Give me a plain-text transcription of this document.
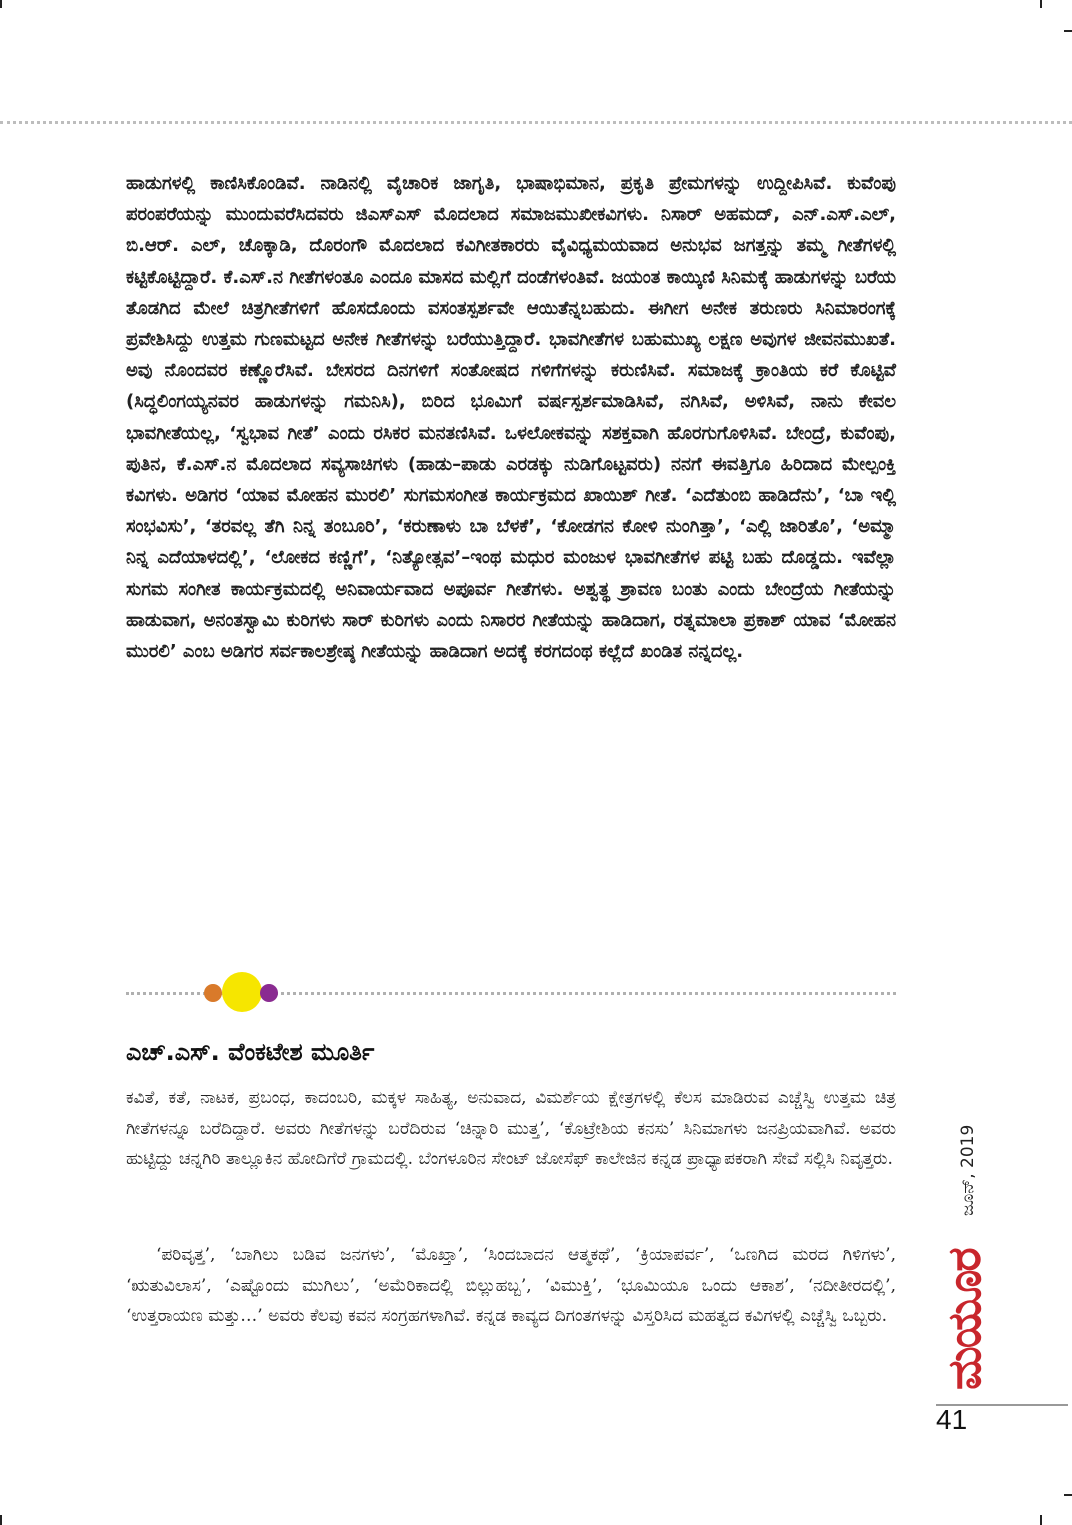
ಹಾಡುಗಳಲ್ಲಿ ಕಾಣಿಸಿಕೊಂಡಿವೆ. ನಾಡಿನಲ್ಲಿ ವೈಚಾರಿಕ ಜಾಗೃತಿ, ಭಾಷಾಭಿಮಾನ, ಪ್ರಕೃತಿ ಪ್ರೇಮಗಳನ್ನು ಉದ್ದೀಪಿಸಿವೆ. ಕುವೆಂಪು ಪರಂಪರೆಯನ್ನು ಮುಂದುವರೆಸಿದವರು ಜಿಎಸ್ಎಸ್ ಮೊದಲಾದ ಸಮಾಜಮುಖೀಕವಿಗಳು. ನಿಸಾರ್ ಅಹಮದ್, ಎನ್.ಎಸ್.ಎಲ್, ಬಿ.ಆರ್. ಎಲ್, ಚೊಕ್ಕಾಡಿ, ದೊರಂಗೌ ಮೊದಲಾದ ಕವಿಗೀತಕಾರರು ವೈವಿಧ್ಯಮಯವಾದ ಅನುಭವ ಜಗತ್ತನ್ನು ತಮ್ಮ ಗೀತೆಗಳಲ್ಲಿ ಕಟ್ಟಿಕೊಟ್ಟಿದ್ದಾರೆ. ಕೆ.ಎಸ್.ನ ಗೀತೆಗಳಂತೂ ಎಂದೂ ಮಾಸದ ಮಲ್ಲಿಗೆ ದಂಡೆಗಳಂತಿವೆ. ಜಯಂತ ಕಾಯ್ಕಿಣಿ ಸಿನಿಮಕ್ಕೆ ಹಾಡುಗಳನ್ನು ಬರೆಯ ತೊಡಗಿದ ಮೇಲೆ ಚಿತ್ರಗೀತೆಗಳಿಗೆ ಹೊಸದೊಂದು ವಸಂತಸ್ಪರ್ಶವೇ ಆಯಿತೆನ್ನಬಹುದು. ಈಗೀಗ ಅನೇಕ ತರುಣರು ಸಿನಿಮಾರಂಗಕ್ಕೆ ಪ್ರವೇಶಿಸಿದ್ದು ಉತ್ತಮ ಗುಣಮಟ್ಟದ ಅನೇಕ ಗೀತೆಗಳನ್ನು ಬರೆಯುತ್ತಿದ್ದಾರೆ. ಭಾವಗೀತೆಗಳ ಬಹುಮುಖ್ಯ ಲಕ್ಷಣ ಅವುಗಳ ಜೀವನಮುಖತೆ. ಅವು ನೊಂದವರ ಕಣ್ಣೊರೆಸಿವೆ. ಬೇಸರದ ದಿನಗಳಿಗೆ ಸಂತೋಷದ ಗಳಿಗೆಗಳನ್ನು ಕರುಣಿಸಿವೆ. ಸಮಾಜಕ್ಕೆ ಕ್ರಾಂತಿಯ ಕರೆ ಕೊಟ್ಟಿವೆ (ಸಿದ್ಧಲಿಂಗಯ್ಯನವರ ಹಾಡುಗಳನ್ನು ಗಮನಿಸಿ), ಬಿರಿದ ಭೂಮಿಗೆ ವರ್ಷಸ್ಪರ್ಶಮಾಡಿಸಿವೆ, ನಗಿಸಿವೆ, ಅಳಿಸಿವೆ, ನಾನು ಕೇವಲ ಭಾವಗೀತೆಯಲ್ಲ, ‘ಸ್ವಭಾವ ಗೀತೆ’ ಎಂದು ರಸಿಕರ ಮನತಣಿಸಿವೆ. ಒಳಲೋಕವನ್ನು ಸಶಕ್ತವಾಗಿ ಹೊರಗುಗೊಳಿಸಿವೆ. ಬೇಂದ್ರೆ, ಕುವೆಂಪು, ಪುತಿನ, ಕೆ.ಎಸ್.ನ ಮೊದಲಾದ ಸವ್ಯಸಾಚಿಗಳು (ಹಾಡು–ಪಾಡು ಎರಡಕ್ಕು ನುಡಿಗೊಟ್ಟವರು) ನನಗೆ ಈವತ್ತಿಗೂ ಹಿರಿದಾದ ಮೇಲ್ಪಂಕ್ತಿ ಕವಿಗಳು. ಅಡಿಗರ ‘ಯಾವ ಮೋಹನ ಮುರಲಿ’ ಸುಗಮಸಂಗೀತ ಕಾರ್ಯಕ್ರಮದ ಖಾಯಿಶ್ ಗೀತೆ. ‘ಎದೆತುಂಬಿ ಹಾಡಿದೆನು’, ‘ಬಾ ಇಲ್ಲಿ ಸಂಭವಿಸು’, ‘ತರವಲ್ಲ ತೆಗಿ ನಿನ್ನ ತಂಬೂರಿ’, ‘ಕರುಣಾಳು ಬಾ ಬೆಳಕೆ’, ‘ಕೋಡಗನ ಕೋಳಿ ನುಂಗಿತ್ತಾ’, ‘ಎಲ್ಲಿ ಜಾರಿತೊ’, ‘ಅಮ್ಮಾ ನಿನ್ನ ಎದೆಯಾಳದಲ್ಲಿ’, ‘ಲೋಕದ ಕಣ್ಣಿಗೆ’, ‘ನಿತ್ಯೋತ್ಸವ’–ಇಂಥ ಮಧುರ ಮಂಜುಳ ಭಾವಗೀತೆಗಳ ಪಟ್ಟಿ ಬಹು ದೊಡ್ಡದು. ಇವೆಲ್ಲಾ ಸುಗಮ ಸಂಗೀತ ಕಾರ್ಯಕ್ರಮದಲ್ಲಿ ಅನಿವಾರ್ಯವಾದ ಅಪೂರ್ವ ಗೀತೆಗಳು. ಅಶ್ವತ್ಥ ಶ್ರಾವಣ ಬಂತು ಎಂದು ಬೇಂದ್ರೆಯ ಗೀತೆಯನ್ನು ಹಾಡುವಾಗ, ಅನಂತಸ್ವಾಮಿ ಕುರಿಗಳು ಸಾರ್ ಕುರಿಗಳು ಎಂದು ನಿಸಾರರ ಗೀತೆಯನ್ನು ಹಾಡಿದಾಗ, ರತ್ನಮಾಲಾ ಪ್ರಕಾಶ್ ಯಾವ ‘ಮೋಹನ ಮುರಲಿ’ ಎಂಬ ಅಡಿಗರ ಸರ್ವಕಾಲಶ್ರೇಷ್ಠ ಗೀತೆಯನ್ನು ಹಾಡಿದಾಗ ಅದಕ್ಕೆ ಕರಗದಂಥ ಕಲ್ಲೆದೆ ಖಂಡಿತ ನನ್ನದಲ್ಲ.

ಎಚ್.ಎಸ್. ವೆಂಕಟೇಶ ಮೂರ್ತಿ

ಕವಿತೆ, ಕತೆ, ನಾಟಕ, ಪ್ರಬಂಧ, ಕಾದಂಬರಿ, ಮಕ್ಕಳ ಸಾಹಿತ್ಯ, ಅನುವಾದ, ವಿಮರ್ಶೆಯ ಕ್ಷೇತ್ರಗಳಲ್ಲಿ ಕೆಲಸ ಮಾಡಿರುವ ಎಚ್ಚೆಸ್ವಿ ಉತ್ತಮ ಚಿತ್ರ ಗೀತೆಗಳನ್ನೂ ಬರೆದಿದ್ದಾರೆ. ಅವರು ಗೀತೆಗಳನ್ನು ಬರೆದಿರುವ ‘ಚಿನ್ನಾರಿ ಮುತ್ತ’, ‘ಕೊಟ್ರೇಶಿಯ ಕನಸು’ ಸಿನಿಮಾಗಳು ಜನಪ್ರಿಯವಾಗಿವೆ. ಅವರು ಹುಟ್ಟಿದ್ದು ಚನ್ನಗಿರಿ ತಾಲ್ಲೂಕಿನ ಹೋದಿಗೆರೆ ಗ್ರಾಮದಲ್ಲಿ. ಬೆಂಗಳೂರಿನ ಸೇಂಟ್ ಜೋಸೆಫ್ ಕಾಲೇಜಿನ ಕನ್ನಡ ಪ್ರಾಧ್ಯಾಪಕರಾಗಿ ಸೇವೆ ಸಲ್ಲಿಸಿ ನಿವೃತ್ತರು.

‘ಪರಿವೃತ್ತ’, ‘ಬಾಗಿಲು ಬಡಿವ ಜನಗಳು’, ‘ಮೊಖ್ತಾ’, ‘ಸಿಂದಬಾದನ ಆತ್ಮಕಥೆ’, ‘ಕ್ರಿಯಾಪರ್ವ’, ‘ಒಣಗಿದ ಮರದ ಗಿಳಿಗಳು’, ‘ಋತುವಿಲಾಸ’, ‘ಎಷ್ಟೊಂದು ಮುಗಿಲು’, ‘ಅಮೆರಿಕಾದಲ್ಲಿ ಬಿಲ್ಲುಹಬ್ಬ’, ‘ವಿಮುಕ್ತಿ’, ‘ಭೂಮಿಯೂ ಒಂದು ಆಕಾಶ’, ‘ನದೀತೀರದಲ್ಲಿ’, ‘ಉತ್ತರಾಯಣ ಮತ್ತು…’ ಅವರು ಕೆಲವು ಕವನ ಸಂಗ್ರಹಗಳಾಗಿವೆ. ಕನ್ನಡ ಕಾವ್ಯದ ದಿಗಂತಗಳನ್ನು ವಿಸ್ತರಿಸಿದ ಮಹತ್ವದ ಕವಿಗಳಲ್ಲಿ ಎಚ್ಚೆಸ್ವಿ ಒಬ್ಬರು.

ಜೂನ್, 2019
ಮಯೂರ
41
